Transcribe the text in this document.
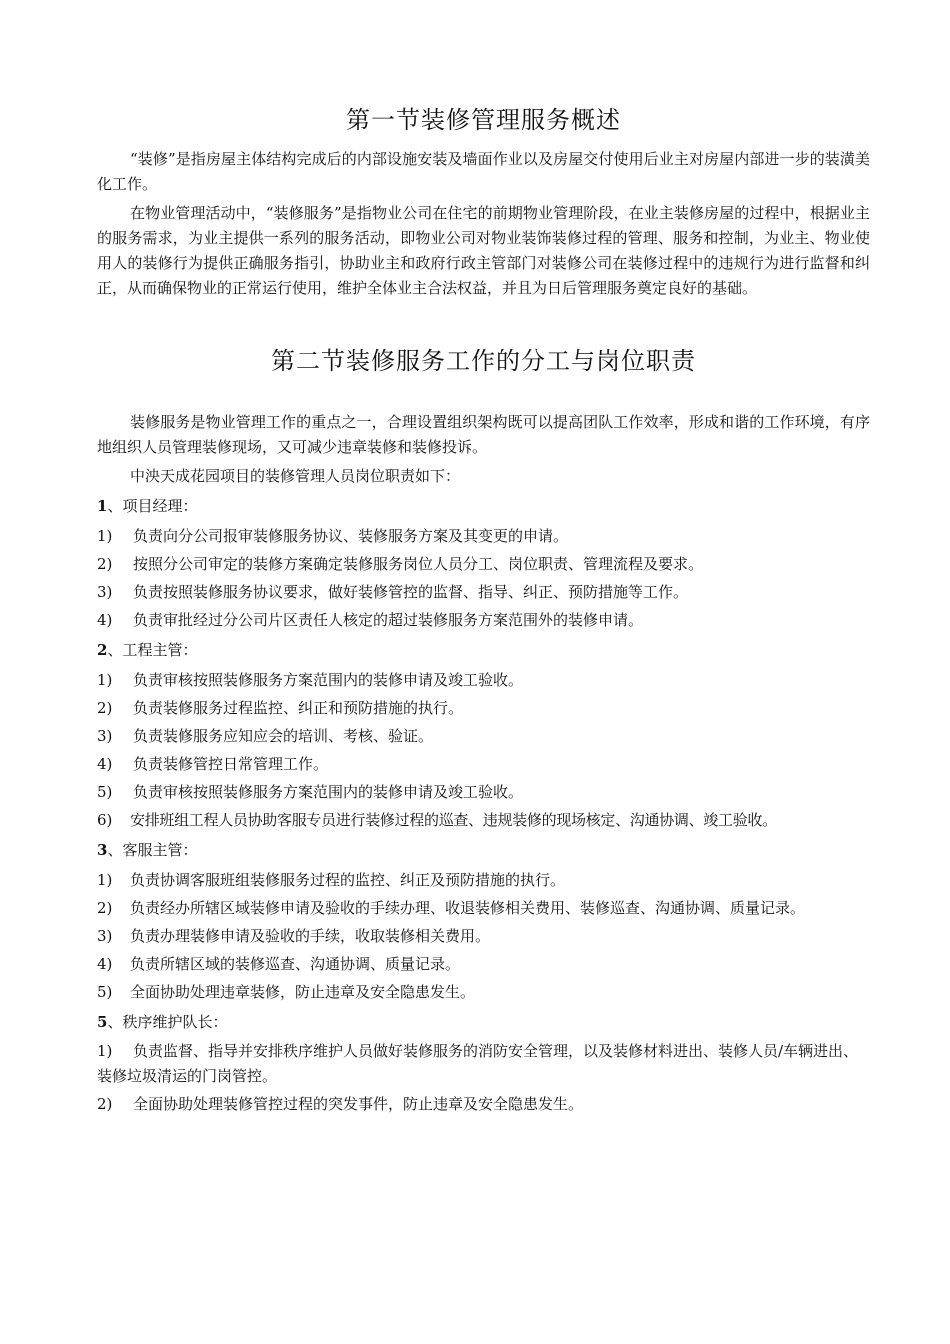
第一节装修管理服务概述

“装修”是指房屋主体结构完成后的内部设施安装及墙面作业以及房屋交付使用后业主对房屋内部进一步的装潢美化工作。

在物业管理活动中，“装修服务”是指物业公司在住宅的前期物业管理阶段，在业主装修房屋的过程中，根据业主的服务需求，为业主提供一系列的服务活动，即物业公司对物业装饰装修过程的管理、服务和控制，为业主、物业使用人的装修行为提供正确服务指引，协助业主和政府行政主管部门对装修公司在装修过程中的违规行为进行监督和纠正，从而确保物业的正常运行使用，维护全体业主合法权益，并且为日后管理服务奠定良好的基础。

第二节装修服务工作的分工与岗位职责

装修服务是物业管理工作的重点之一，合理设置组织架构既可以提高团队工作效率，形成和谐的工作环境，有序地组织人员管理装修现场，又可减少违章装修和装修投诉。

中泱天成花园项目的装修管理人员岗位职责如下：

1、项目经理：
1)	负责向分公司报审装修服务协议、装修服务方案及其变更的申请。
2)	按照分公司审定的装修方案确定装修服务岗位人员分工、岗位职责、管理流程及要求。
3)	负责按照装修服务协议要求，做好装修管控的监督、指导、纠正、预防措施等工作。
4)	负责审批经过分公司片区责任人核定的超过装修服务方案范围外的装修申请。
2、工程主管：
1)	负责审核按照装修服务方案范围内的装修申请及竣工验收。
2)	负责装修服务过程监控、纠正和预防措施的执行。
3)	负责装修服务应知应会的培训、考核、验证。
4)	负责装修管控日常管理工作。
5)	负责审核按照装修服务方案范围内的装修申请及竣工验收。
6)	安排班组工程人员协助客服专员进行装修过程的巡查、违规装修的现场核定、沟通协调、竣工验收。
3、客服主管：
1)	负责协调客服班组装修服务过程的监控、纠正及预防措施的执行。
2)	负责经办所辖区域装修申请及验收的手续办理、收退装修相关费用、装修巡查、沟通协调、质量记录。
3)	负责办理装修申请及验收的手续，收取装修相关费用。
4)	负责所辖区域的装修巡查、沟通协调、质量记录。
5)	全面协助处理违章装修，防止违章及安全隐患发生。
5、秩序维护队长：
1) 负责监督、指导并安排秩序维护人员做好装修服务的消防安全管理，以及装修材料进出、装修人员/车辆进出、装修垃圾清运的门岗管控。
2)	全面协助处理装修管控过程的突发事件，防止违章及安全隐患发生。
